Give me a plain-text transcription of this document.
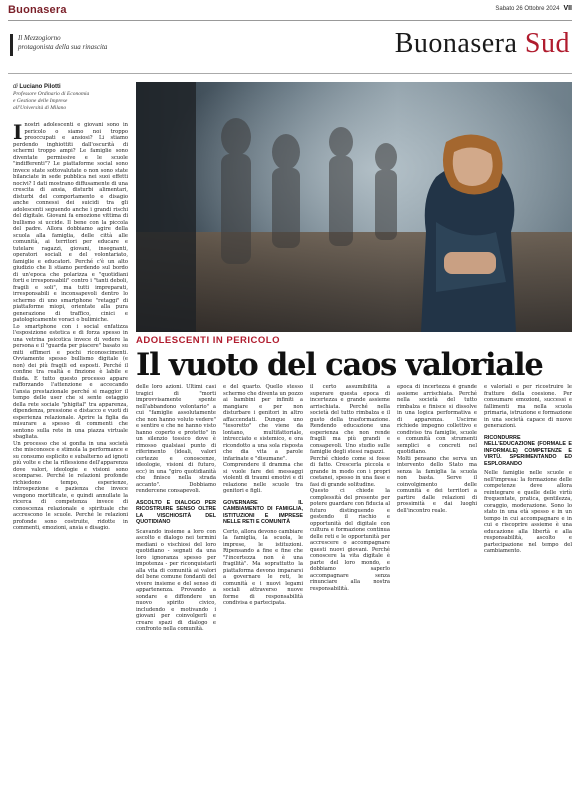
Buonasera	Sabato 26 Ottobre 2024 VII
Il Mezzogiorno
protagonista della sua rinascita	Buonasera Sud
di Luciano Pilotti
Professore Ordinario di Economia
e Gestione delle Imprese
all'Università di Milano
ADOLESCENTI IN PERICOLO
Il vuoto del caos valoriale
I nostri adolescenti e giovani sono in pericolo o siamo noi troppo preoccupati e ansiosi? Li stiamo perdendo inghiottiti dall'oscurità di schermi troppo ampi? Le famiglie sono diventate permissive e le scuole "indifferenti"? Le piattaforme social sono invece state sottovalutate o non sono state bilanciate in sede pubblica nei suoi effetti nocivi? I dati mostrano diffusamente di una crescita di ansia, disturbi alimentari, disturbi del comportamento e disagio anche connessi dei suicidi tra gli adolescenti seguendo anche i grandi rischi del digitale. Giovani fa emozione vittima di bullismo si uccide. Il bene con la piccola del padre. Allora dobbiamo agire della scuola alla famiglia, delle città alle comunità, ai territori per educare e tutelare ragazzi, giovani, insegnanti, operatori sociali e del volontariato, famiglie e educatori. Perché c'è un alto giudizio che li stiamo perdendo sul bordo di un'epoca che polarizza e "quotidiani forti e irresponsabili" contro i "tanti deboli, fragili e soli", ma tutti impreparati, irresponsabili e inconsapevoli dentro lo schermo di uno smartphone "retaggi" di piattaforme miopi, orientate alla pura generazione di traffico, cinici e patologicamente voraci o bulimiche.

Lo smartphone con i social enfatizza l'esposizione estetica e di forza spesso in una vetrina psicotica invece di vedere la persona e il "guarda per piacere" basato su miti effimeri e pochi riconoscimenti. Ovviamente spesso bullismo digitale (e non) dei più fragili ed esposti. Perché il confine tra realtà e finzione è labile e fluida. E tutto questo processo appare rafforzando l'attenzione e accecando l'ansia prestazionale perché si maggior il tempo delle user che si sente ostaggio della rete sociale "phigital" tra apparenza, dipendenza, pressione e distacco e vuoti di esperienza relazionale. Aprire la figlia da misurare a spesso di commenti che sentono sulla rete in una piazza virtuale sbagliata.

Un processo che si gonfia in una società che misconosce e stimola la performance e su consumo esplicito e subalterno ad ignoti più volte e che la riflessione dell'apparenza dove valori, ideologie e visioni sono scomparse. Perché le relazioni profonde richiedono tempo, esperienze, introspezione e pazienza che invece vengono mortificate, e quindi annullate la ricerca di competenza invece di conoscenza relazionale e spirituale che accrescono le scuole. Perché le relazioni profonde sono costruite, ridotte in commenti, emozioni, ansia e disagio.

delle loro azioni. Ultimi casi tragici di "morti improvvisamente spente nell'abbandono volontario" a cui "famiglie assolutamente che non hanno voluto vedere" e sentire e che ne hanno visto hanno coperto e protetto" in un silenzio tossico dove è rimosso qualsiasi punto di riferimento (ideali, valori certezze e conoscenze, ideologie, visioni di futuro, ecc) in una "giro quotidianità che finisce nella strada accanto". Dobbiamo rendercene consapevoli.

ASCOLTO E DIALOGO PER RICOSTRUIRE SENSO OLTRE LA VISCHIOSITÀ DEL QUOTIDIANO

Scavando insieme a loro con ascolto e dialogo nei termini mediani o vischiosi del loro quotidiano - segnati da una loro ignoranza spesso per impotenza - per riconquistarli alla vita di comunità ai valori del bene comune fondanti del vivere insieme e del senso di appartenenza. Provando a sondare e diffondere un nuovo spirito civico, includendo e motivando i giovani per coinvolgerli e creare spazi di dialogo e confronto nella comunità.

e del quarto. Quello stesso schermo che diventa un pozzo ai bambini per infiniti a mangiare e per non disturbare i genitori in altro affaccendati. Dunque uno "tesoretto" che viene da lontano, multifattoriale, intrecciato e sistemico, e ora ricondotto a una sola risposta che dia vita a parole infarinate e "disumane".

Comprendere il dramma che si vuole fare dei messaggi violenti di traumi emotivi e di relazione nelle scuole tra genitori e figli.

GOVERNARE IL CAMBIAMENTO DI FAMIGLIA, ISTITUZIONI E IMPRESE NELLE RETI E COMUNITÀ

Certo, allora devono cambiare la famiglia, la scuola, le imprese, le istituzioni. Ripensando a fine e fine che "l'incertezza non è una fragilità". Ma soprattutto la piattaforma devono impararsi a governare le reti, le comunità e i nuovi legami sociali attraverso nuove forme di responsabilità condivisa e partecipata.

il certo assumibilità a superare questa epoca di incertezza e grande assieme arrischiata. Perché nella società del tutto rimbalza e il gusto della trasformazione. Rendendo educazione una esperienza che non rende fragili ma più grandi e consapevoli. Uno studio sulle famiglie degli stessi ragazzi.

Perché chiedo come si fosse di fatto. Crescerla piccola e grande in modo con i propri coetanei, spesso in una fase e fasi di grande solitudine.

Questo ci chiede la complessità del presente per potere guardare con fiducia al futuro distinguendo e gestendo il rischio e opportunità del digitale con cultura e formazione continua delle reti e le opportunità per accrescere o accompagnare questi nuovi giovani. Perché conoscere la vita digitale è parte del loro mondo, e dobbiamo saperlo accompagnare senza rinunciare alla nostra responsabilità.

epoca di incertezza è grande assieme arrischiata. Perché nella società del tutto rimbalza e finisce si dissolve in una logica performativa e di apparenza. Uscirne richiede impegno collettivo e condiviso tra famiglie, scuole e comunità con strumenti semplici e concreti nel quotidiano.

Molti pensano che serva un intervento dello Stato ma senza la famiglia la scuola non basta. Serve il coinvolgimento delle comunità e dei territori a partire dalle relazioni di prossimità e dai luoghi dell'incontro reale.

e valoriali e per ricostruire le fratture della coesione. Per consumare emozioni, successi e fallimenti ma nella scuola primaria, istruzione e formazione in una società capace di nuove generazioni.

RICONDURRE NELL'EDUCAZIONE (FORMALE E INFORMALE) COMPETENZE E VIRTÙ. SPERIMENTANDO ED ESPLORANDO

Nelle famiglie nelle scuole e nell'impresa: la formazione delle competenze deve allora reintegrare e quelle delle virtù frequentate, pratica, gentilezza, coraggio, moderazione. Sono lo stato in una età spesso e in un tempo in cui accompagnare e in cui e riscoprire assieme è una educazione alla libertà e alla responsabilità, ascolto e partecipazione nel tempo del cambiamento.
